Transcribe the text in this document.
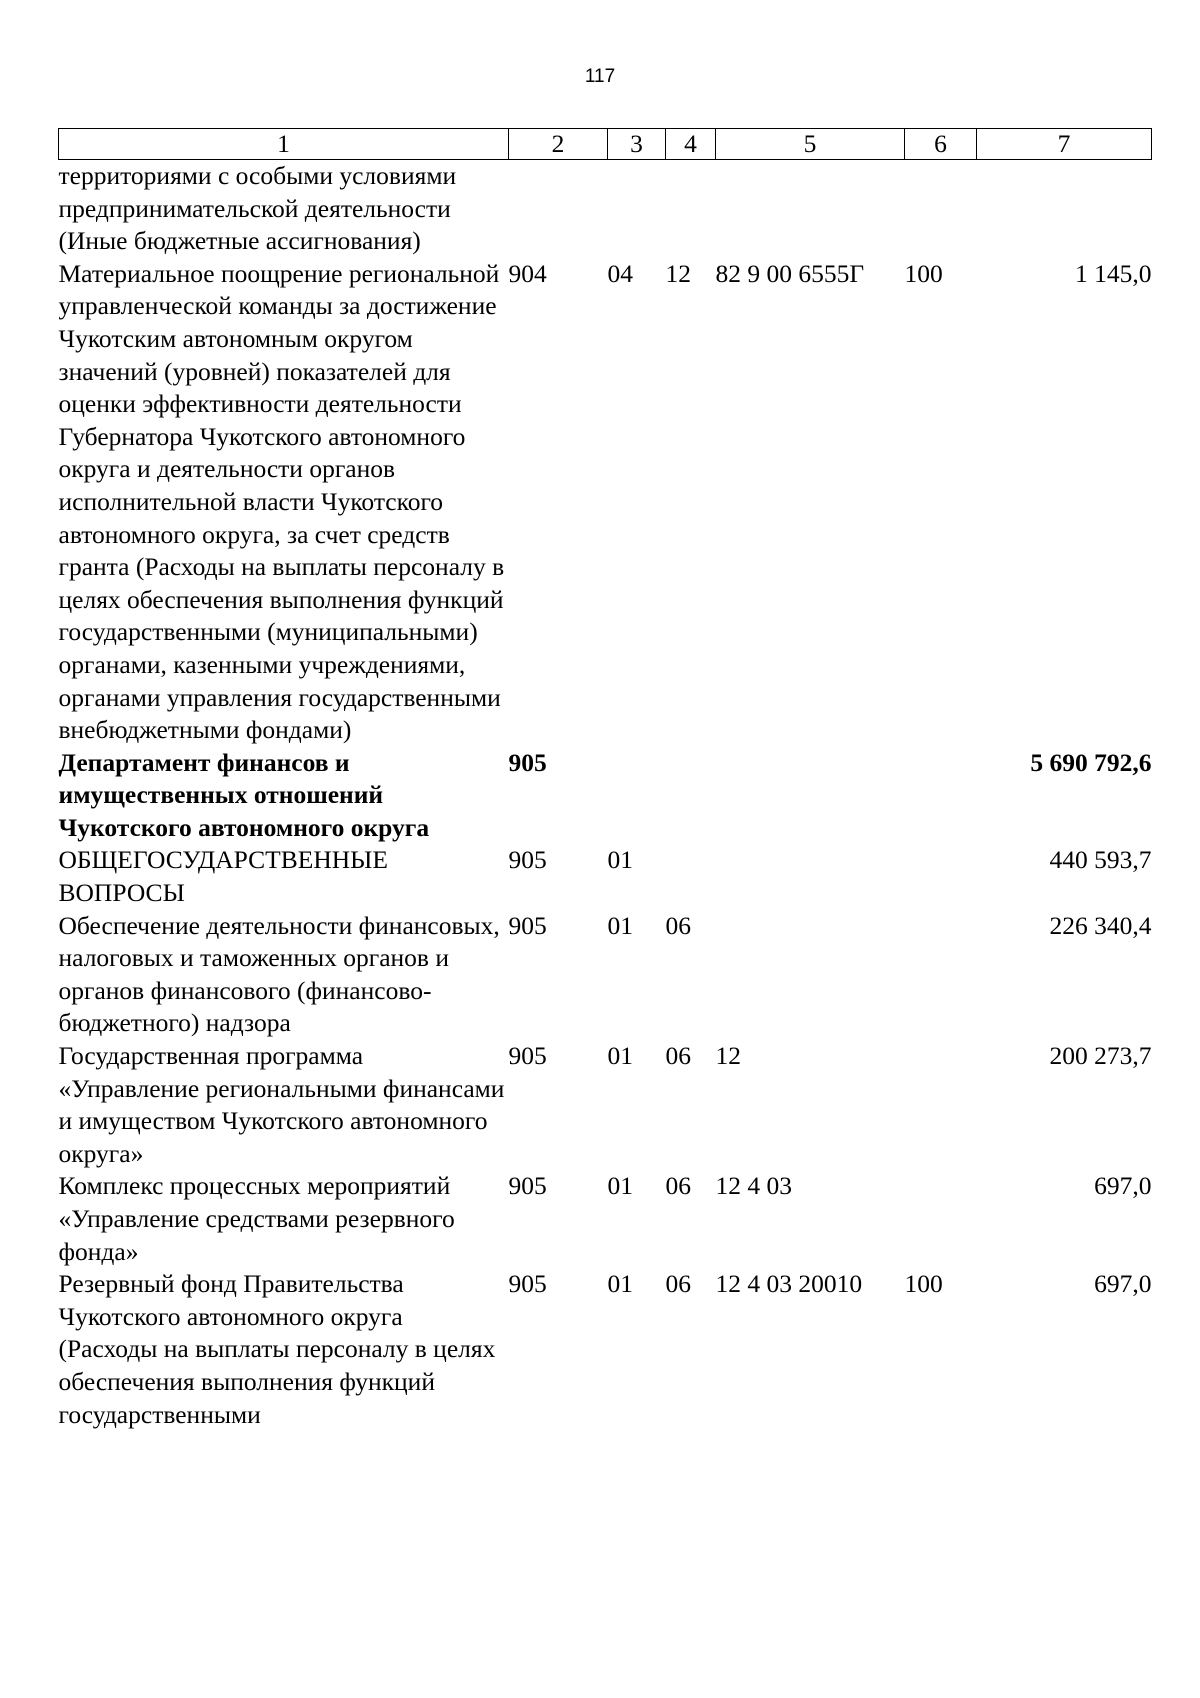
117
1	2	3	4	5	6	7
территориями с особыми условиями предпринимательской деятельности (Иные бюджетные ассигнования)						
Материальное поощрение региональной управленческой команды за достижение Чукотским автономным округом значений (уровней) показателей для оценки эффективности деятельности Губернатора Чукотского автономного округа и деятельности органов исполнительной власти Чукотского автономного округа, за счет средств гранта (Расходы на выплаты персоналу в целях обеспечения выполнения функций государственными (муниципальными) органами, казенными учреждениями, органами управления государственными внебюджетными фондами)	904	04	12	82 9 00 6555Г	100	1 145,0
Департамент финансов и имущественных отношений Чукотского автономного округа	905					5 690 792,6
ОБЩЕГОСУДАРСТВЕННЫЕ ВОПРОСЫ	905	01				440 593,7
Обеспечение деятельности финансовых, налоговых и таможенных органов и органов финансового (финансово-бюджетного) надзора	905	01	06			226 340,4
Государственная программа «Управление региональными финансами и имуществом Чукотского автономного округа»	905	01	06	12		200 273,7
Комплекс процессных мероприятий «Управление средствами резервного фонда»	905	01	06	12 4 03		697,0
Резервный фонд Правительства Чукотского автономного округа (Расходы на выплаты персоналу в целях обеспечения выполнения функций государственными	905	01	06	12 4 03 20010	100	697,0
